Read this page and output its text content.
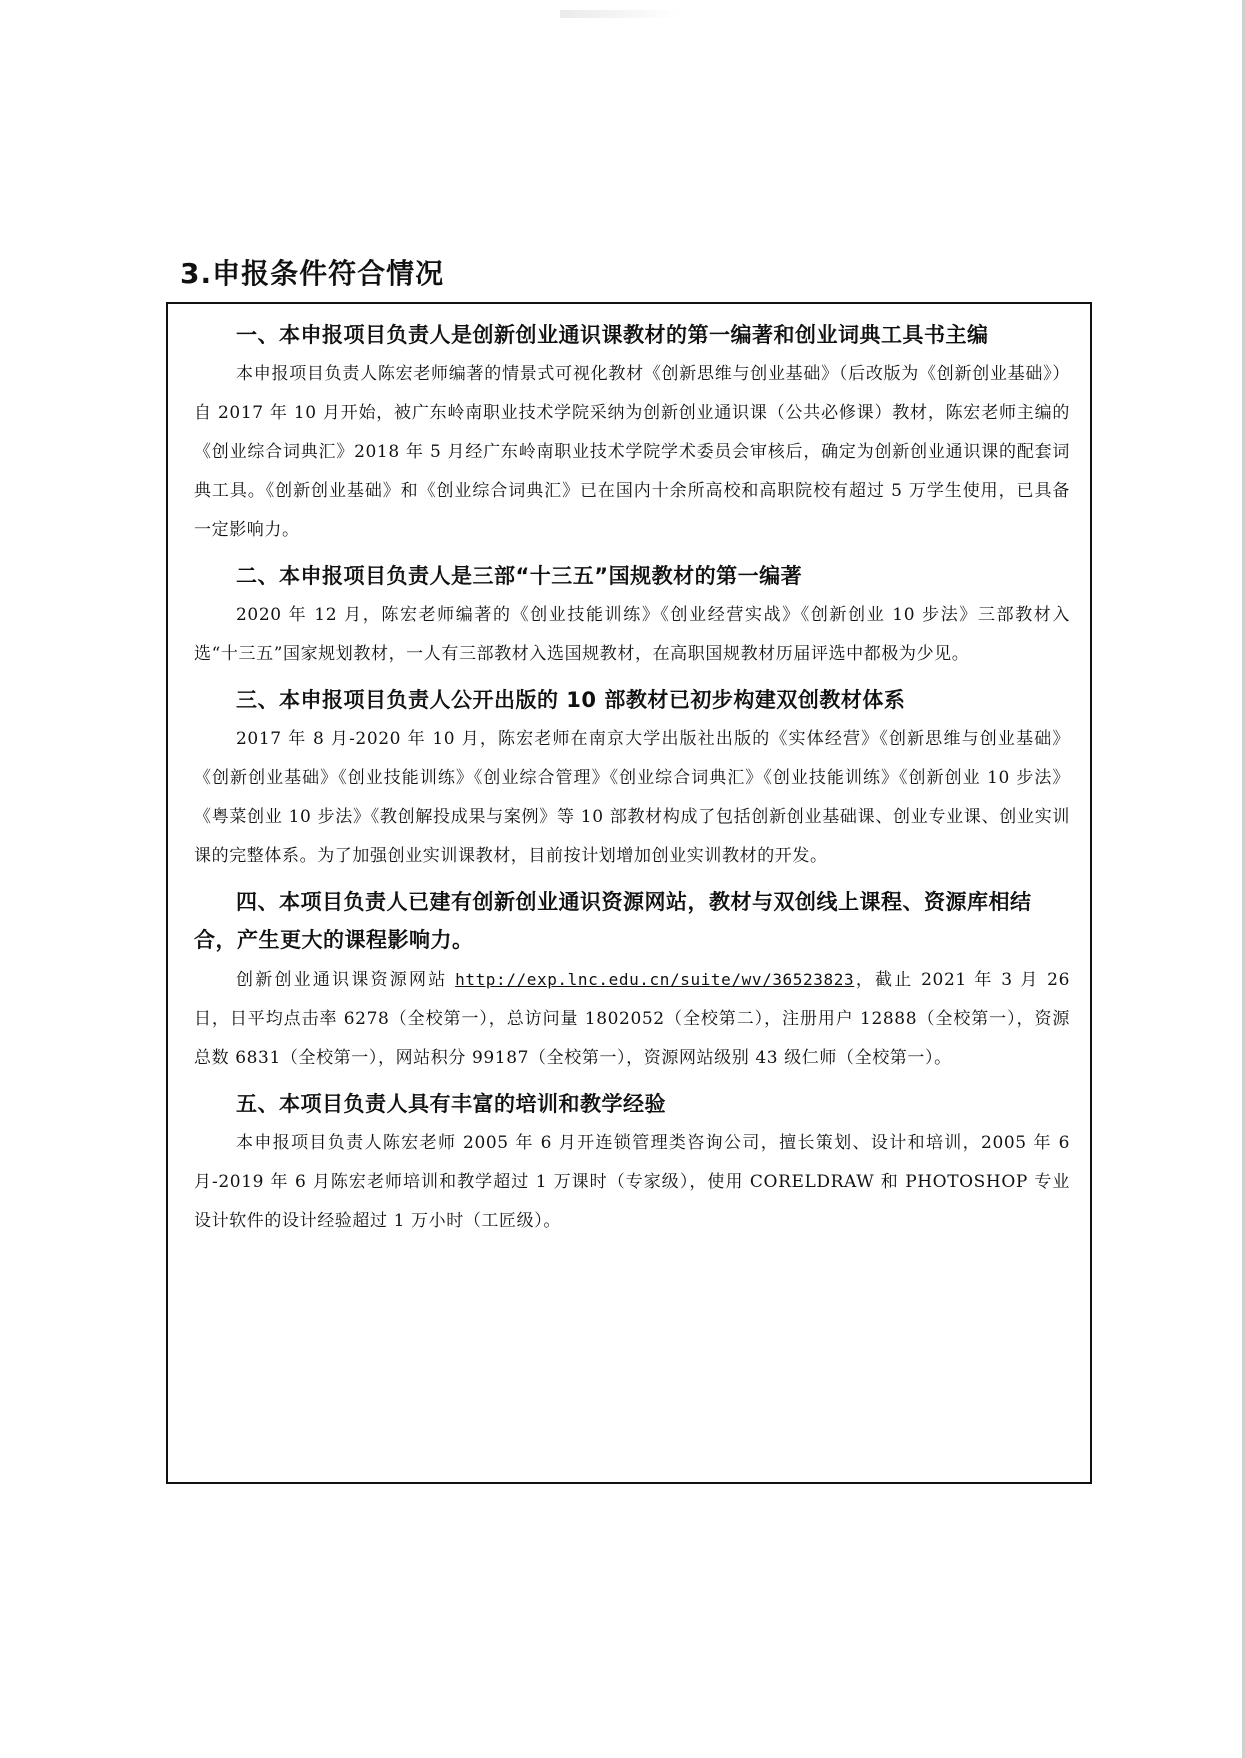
3.申报条件符合情况

一、本申报项目负责人是创新创业通识课教材的第一编著和创业词典工具书主编

本申报项目负责人陈宏老师编著的情景式可视化教材《创新思维与创业基础》（后改版为《创新创业基础》）自 2017 年 10 月开始，被广东岭南职业技术学院采纳为创新创业通识课（公共必修课）教材，陈宏老师主编的《创业综合词典汇》2018 年 5 月经广东岭南职业技术学院学术委员会审核后，确定为创新创业通识课的配套词典工具。《创新创业基础》和《创业综合词典汇》已在国内十余所高校和高职院校有超过 5 万学生使用，已具备一定影响力。

二、本申报项目负责人是三部“十三五”国规教材的第一编著

2020 年 12 月，陈宏老师编著的《创业技能训练》《创业经营实战》《创新创业 10 步法》三部教材入选“十三五”国家规划教材，一人有三部教材入选国规教材，在高职国规教材历届评选中都极为少见。

三、本申报项目负责人公开出版的 10 部教材已初步构建双创教材体系

2017 年 8 月-2020 年 10 月，陈宏老师在南京大学出版社出版的《实体经营》《创新思维与创业基础》《创新创业基础》《创业技能训练》《创业综合管理》《创业综合词典汇》《创业技能训练》《创新创业 10 步法》《粤菜创业 10 步法》《教创解投成果与案例》等 10 部教材构成了包括创新创业基础课、创业专业课、创业实训课的完整体系。为了加强创业实训课教材，目前按计划增加创业实训教材的开发。

四、本项目负责人已建有创新创业通识资源网站，教材与双创线上课程、资源库相结合，产生更大的课程影响力。

创新创业通识课资源网站 http://exp.lnc.edu.cn/suite/wv/36523823，截止 2021 年 3 月 26 日，日平均点击率 6278（全校第一），总访问量 1802052（全校第二），注册用户 12888（全校第一），资源总数 6831（全校第一），网站积分 99187（全校第一），资源网站级别 43 级仁师（全校第一）。

五、本项目负责人具有丰富的培训和教学经验

本申报项目负责人陈宏老师 2005 年 6 月开连锁管理类咨询公司，擅长策划、设计和培训，2005 年 6 月-2019 年 6 月陈宏老师培训和教学超过 1 万课时（专家级），使用 CORELDRAW 和 PHOTOSHOP 专业设计软件的设计经验超过 1 万小时（工匠级）。
